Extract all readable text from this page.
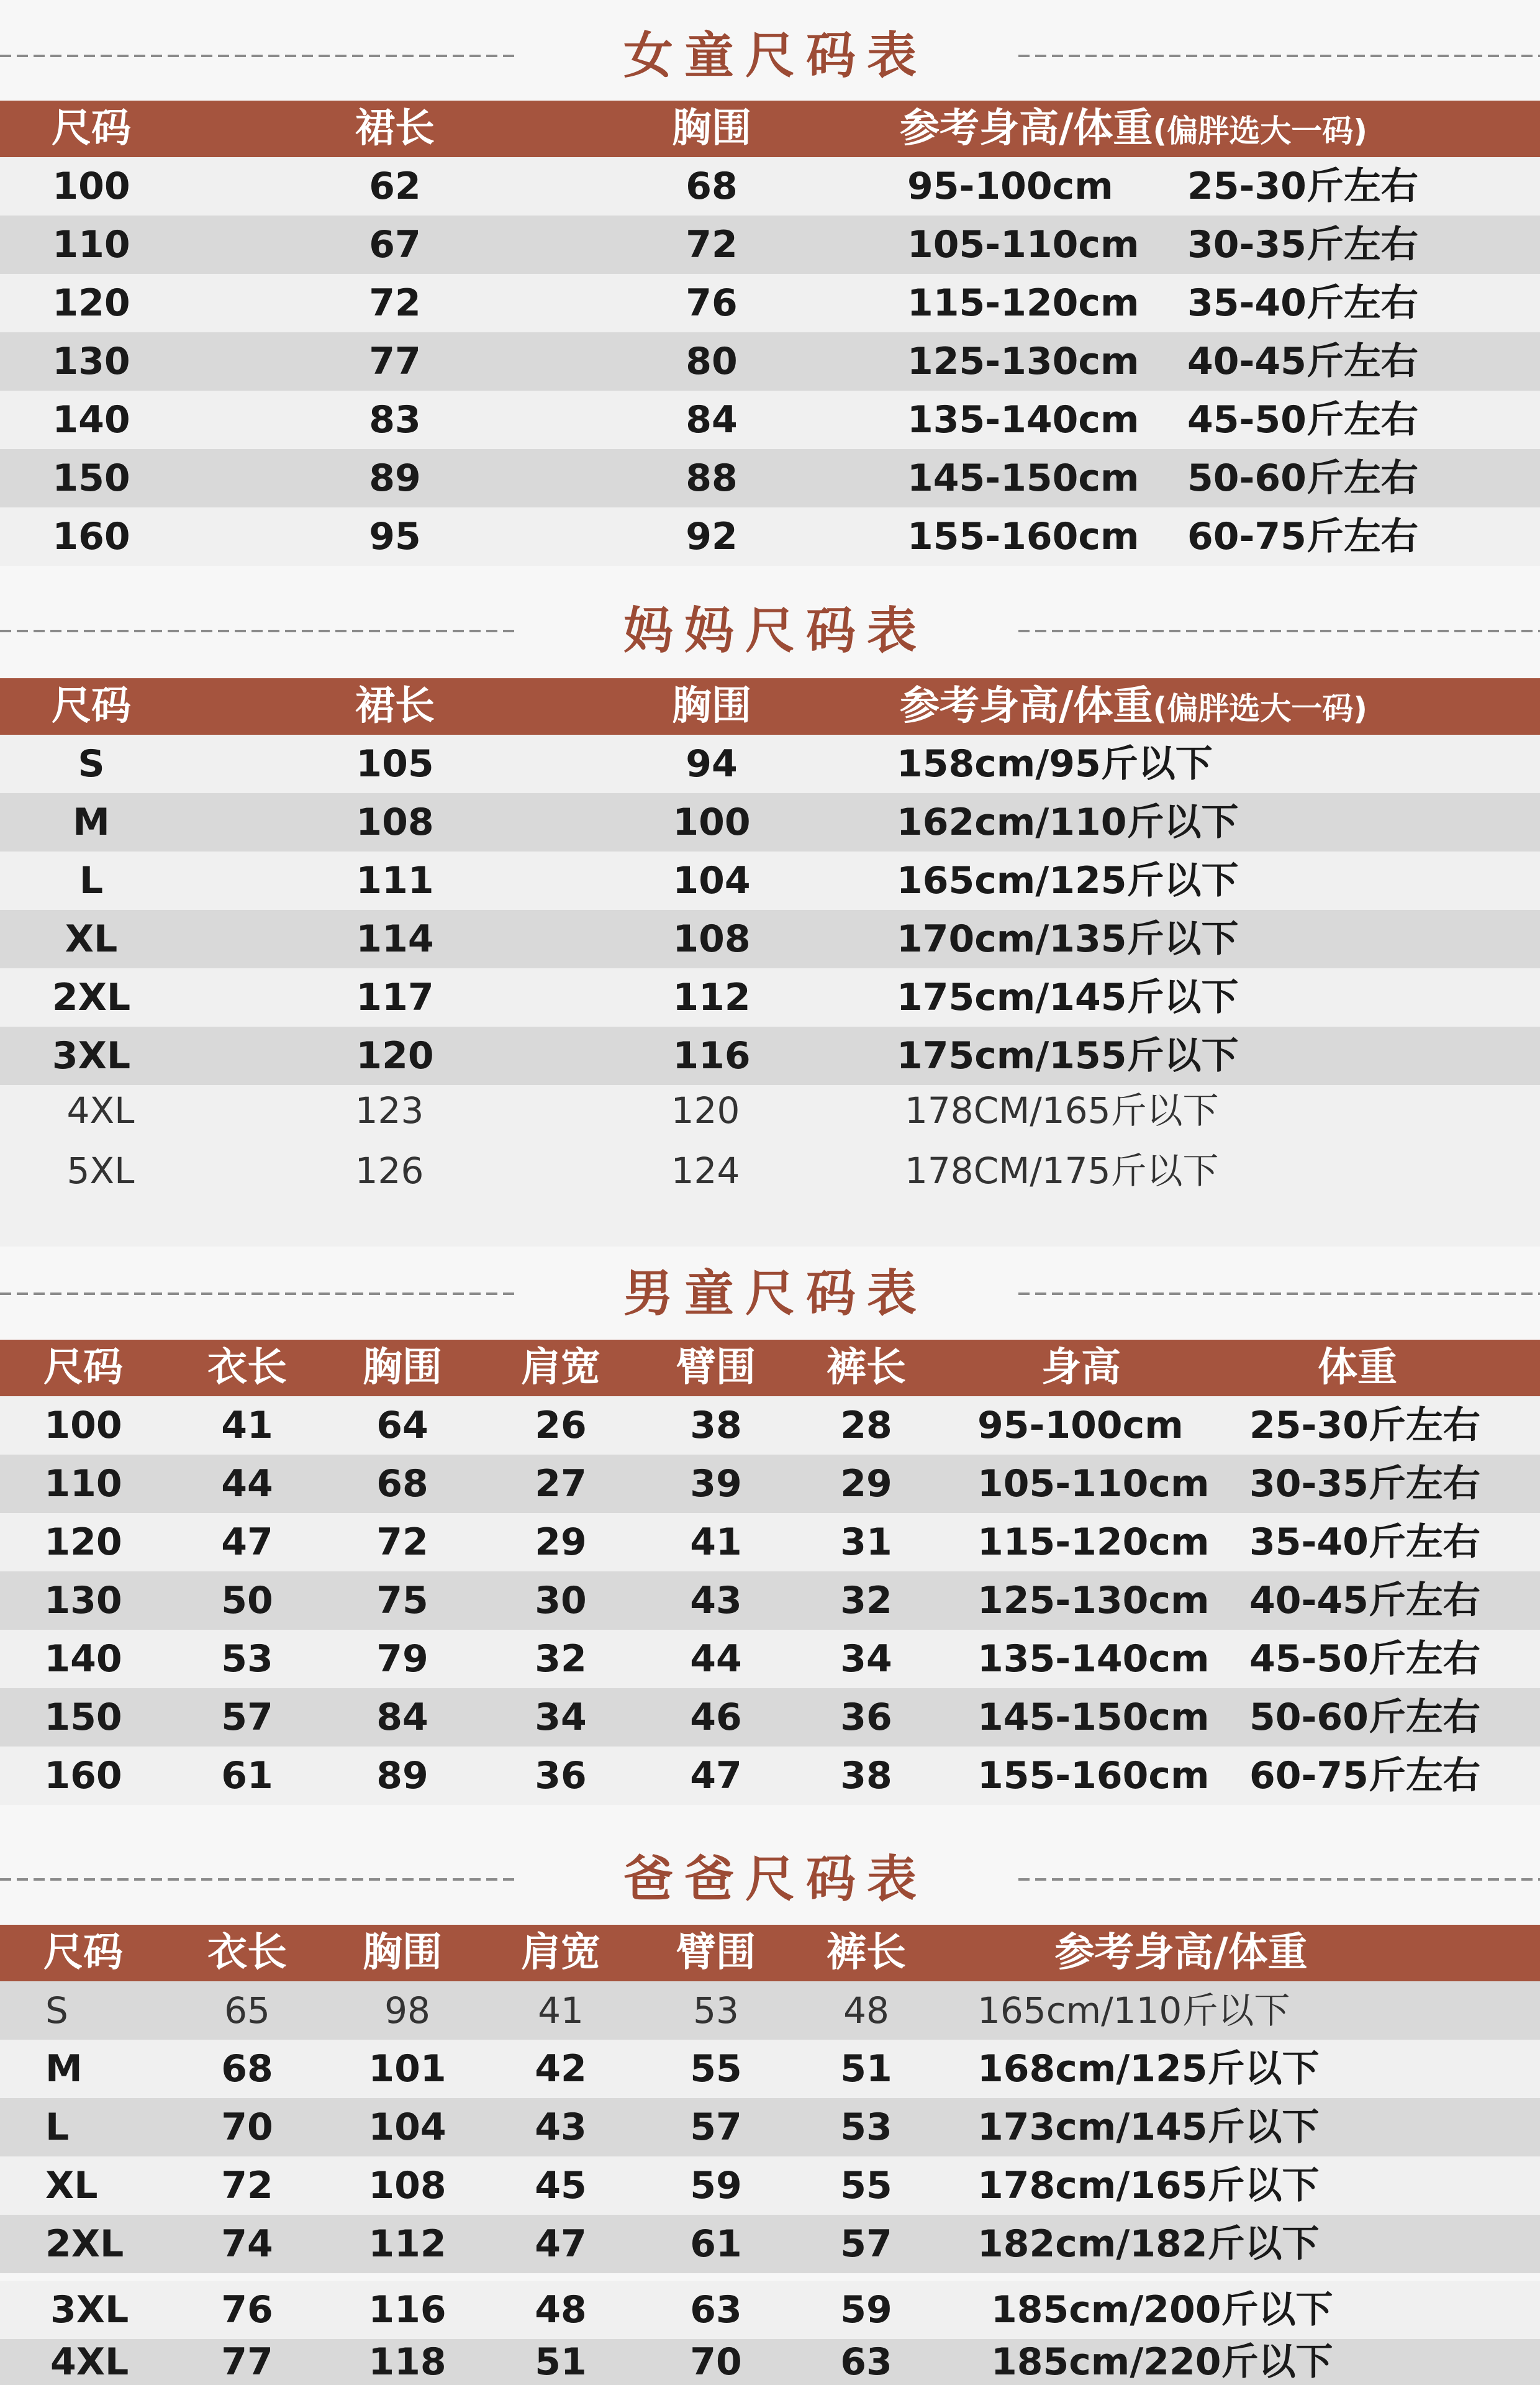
女童尺码表
尺码	裙长	胸围	参考身高/体重(偏胖选大一码)
100	62	68	95-100cm 25-30斤左右
110	67	72	105-110cm 30-35斤左右
120	72	76	115-120cm 35-40斤左右
130	77	80	125-130cm 40-45斤左右
140	83	84	135-140cm 45-50斤左右
150	89	88	145-150cm 50-60斤左右
160	95	92	155-160cm 60-75斤左右
妈妈尺码表
尺码	裙长	胸围	参考身高/体重(偏胖选大一码)
S	105	94	158cm/95斤以下
M	108	100	162cm/110斤以下
L	111	104	165cm/125斤以下
XL	114	108	170cm/135斤以下
2XL	117	112	175cm/145斤以下
3XL	120	116	175cm/155斤以下
4XL	123	120	178CM/165斤以下
5XL	126	124	178CM/175斤以下
男童尺码表
尺码	衣长	胸围	肩宽	臂围	裤长	身高	体重
100	41	64	26	38	28	95-100cm 25-30斤左右
110	44	68	27	39	29	105-110cm 30-35斤左右
120	47	72	29	41	31	115-120cm 35-40斤左右
130	50	75	30	43	32	125-130cm 40-45斤左右
140	53	79	32	44	34	135-140cm 45-50斤左右
150	57	84	34	46	36	145-150cm 50-60斤左右
160	61	89	36	47	38	155-160cm 60-75斤左右
爸爸尺码表
尺码	衣长	胸围	肩宽	臂围	裤长	参考身高/体重
S	65	98	41	53	48	165cm/110斤以下
M	68	101	42	55	51	168cm/125斤以下
L	70	104	43	57	53	173cm/145斤以下
XL	72	108	45	59	55	178cm/165斤以下
2XL	74	112	47	61	57	182cm/182斤以下
3XL	76	116	48	63	59	185cm/200斤以下
4XL	77	118	51	70	63	185cm/220斤以下
